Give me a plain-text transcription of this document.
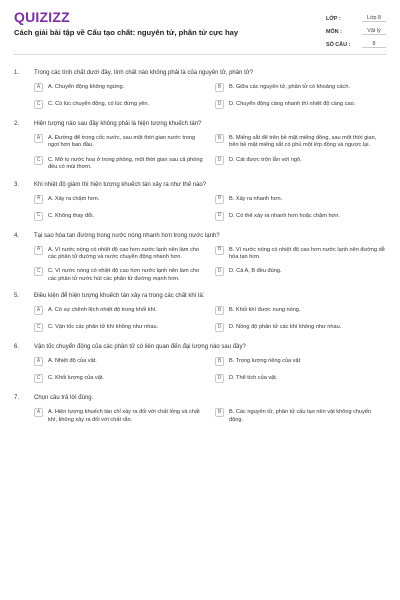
QUIZIZZ
Cách giải bài tập về Cấu tạo chất: nguyên tử, phân tử cực hay
LỚP :	Lớp 8
MÔN :	Vật lý
SỐ CÂU :	8
1.	Trong các tính chất dưới đây, tính chất nào không phải là của nguyên tử, phân tử?
A	A. Chuyển động không ngừng.	B	B. Giữa các nguyên tử, phân tử có khoảng cách.
C	C. Có lúc chuyển động, có lúc đứng yên.	D	D. Chuyển động càng nhanh thì nhiệt độ càng cao.
2.	Hiện tượng nào sau đây không phải là hiện tượng khuếch tán?
A	A. Đường để trong cốc nước, sau một thời gian nước trong ngọt hơn ban đầu.
B	B. Miếng sắt để trên bề mặt miếng đồng, sau một thời gian, trên bề mặt miếng sắt có phủ một lớp đồng và ngược lại.
C	C. Mở lọ nước hoa ở trong phòng, một thời gian sau cả phòng đều có mùi thơm.
D	D. Cát được trộn lẫn với ngô.
3.	Khi nhiệt độ giảm thì hiện tượng khuếch tán xảy ra như thế nào?
A	A. Xảy ra chậm hơn.	B	B. Xảy ra nhanh hơn.
C	C. Không thay đổi.	D	D. Có thể xảy ra nhanh hơn hoặc chậm hơn.
4.	Tại sao hòa tan đường trong nước nóng nhanh hơn trong nước lạnh?
A	A. Vì nước nóng có nhiệt độ cao hơn nước lạnh nên làm cho các phân tử đường và nước chuyển động nhanh hơn.
B	B. Vì nước nóng có nhiệt độ cao hơn nước lạnh nên đường dễ hòa tan hơn.
C	C. Vì nước nóng có nhiệt độ cao hơn nước lạnh nên làm cho các phân tử nước hút các phân tử đường mạnh hơn.
D	D. Cả A, B đều đúng.
5.	Điều kiện để hiện tượng khuếch tán xảy ra trong các chất khí là:
A	A. Có sự chênh lệch nhiệt độ trong khối khí.	B	B. Khối khí được nung nóng.
C	C. Vận tốc các phân tử khí không như nhau.	D	D. Nồng độ phân tử các khí không như nhau.
6.	Vận tốc chuyển động của các phân tử có liên quan đến đại lượng nào sau đây?
A	A. Nhiệt độ của vật.	B	B. Trọng lượng riêng của vật
C	C. Khối lượng của vật.	D	D. Thể tích của vật.
7.	Chọn câu trả lời đúng.
A	A. Hiện tượng khuếch tán chỉ xảy ra đối với chất lỏng và chất khí, không xảy ra đối với chất rắn.
B	B. Các nguyên tử, phân tử cấu tạo nên vật không chuyển động.
